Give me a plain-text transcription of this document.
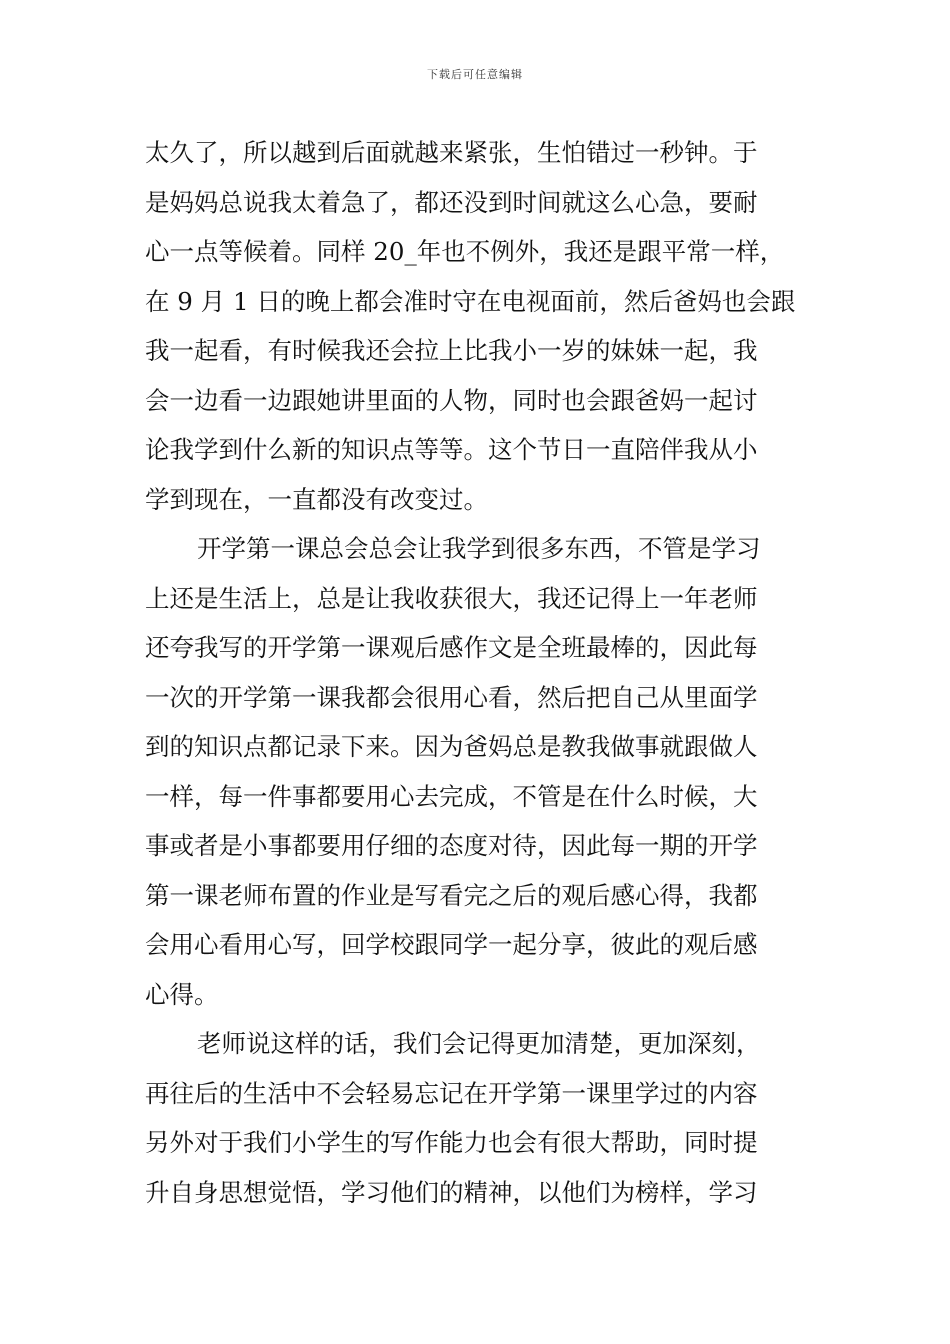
下载后可任意编辑
太久了，所以越到后面就越来紧张，生怕错过一秒钟。于
是妈妈总说我太着急了，都还没到时间就这么心急，要耐
心一点等候着。同样 20_年也不例外，我还是跟平常一样，
在 9 月 1 日的晚上都会准时守在电视面前，然后爸妈也会跟
我一起看，有时候我还会拉上比我小一岁的妹妹一起，我
会一边看一边跟她讲里面的人物，同时也会跟爸妈一起讨
论我学到什么新的知识点等等。这个节日一直陪伴我从小
学到现在，一直都没有改变过。
开学第一课总会总会让我学到很多东西，不管是学习
上还是生活上，总是让我收获很大，我还记得上一年老师
还夸我写的开学第一课观后感作文是全班最棒的，因此每
一次的开学第一课我都会很用心看，然后把自己从里面学
到的知识点都记录下来。因为爸妈总是教我做事就跟做人
一样，每一件事都要用心去完成，不管是在什么时候，大
事或者是小事都要用仔细的态度对待，因此每一期的开学
第一课老师布置的作业是写看完之后的观后感心得，我都
会用心看用心写，回学校跟同学一起分享，彼此的观后感
心得。
老师说这样的话，我们会记得更加清楚，更加深刻，
再往后的生活中不会轻易忘记在开学第一课里学过的内容
另外对于我们小学生的写作能力也会有很大帮助，同时提
升自身思想觉悟，学习他们的精神，以他们为榜样，学习
